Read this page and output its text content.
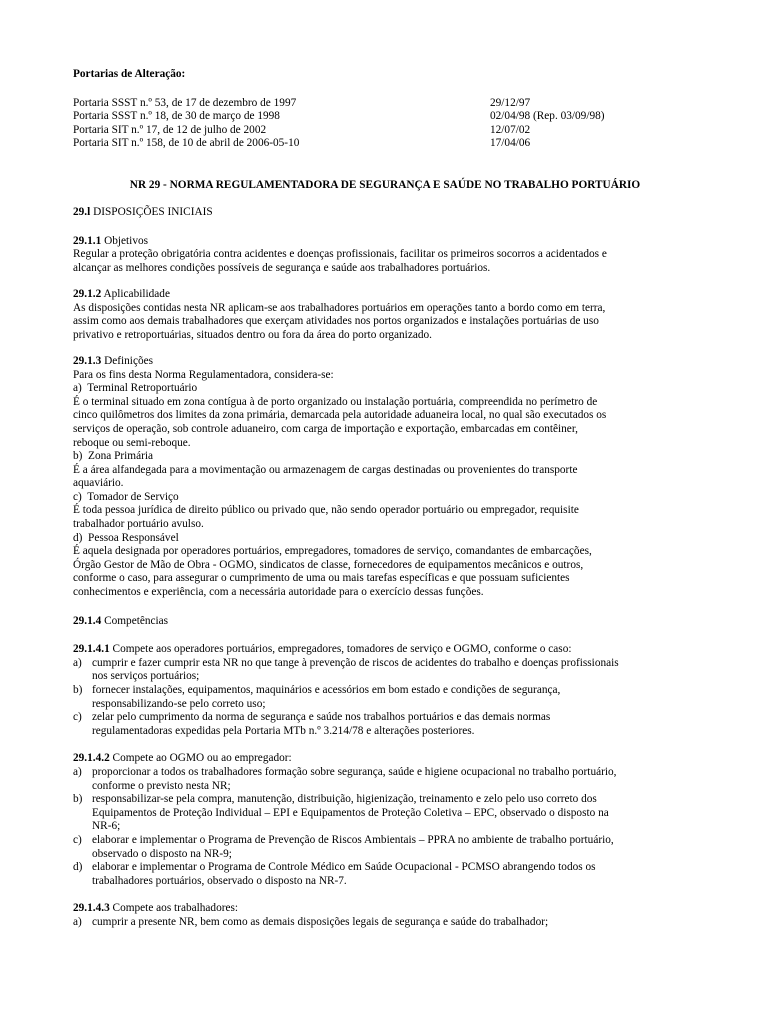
Portarias de Alteração:

Portaria SSST n.º 53, de 17 de dezembro de 1997	29/12/97
Portaria SSST n.º 18, de 30 de março de 1998	02/04/98 (Rep. 03/09/98)
Portaria SIT n.º 17, de 12 de julho de 2002	12/07/02
Portaria SIT n.º 158, de 10 de abril de 2006-05-10	17/04/06
NR 29 - NORMA REGULAMENTADORA DE SEGURANÇA E SAÚDE NO TRABALHO PORTUÁRIO
29.l DISPOSIÇÕES INICIAIS
29.1.1 Objetivos
Regular a proteção obrigatória contra acidentes e doenças profissionais, facilitar os primeiros socorros a acidentados e
alcançar as melhores condições possíveis de segurança e saúde aos trabalhadores portuários.
29.1.2 Aplicabilidade
As disposições contidas nesta NR aplicam-se aos trabalhadores portuários em operações tanto a bordo como em terra,
assim como aos demais trabalhadores que exerçam atividades nos portos organizados e instalações portuárias de uso
privativo e retroportuárias, situados dentro ou fora da área do porto organizado.
29.1.3 Definições
Para os fins desta Norma Regulamentadora, considera-se:
a)  Terminal Retroportuário
É o terminal situado em zona contígua à de porto organizado ou instalação portuária, compreendida no perímetro de
cinco quilômetros dos limites da zona primária, demarcada pela autoridade aduaneira local, no qual são executados os
serviços de operação, sob controle aduaneiro, com carga de importação e exportação, embarcadas em contêiner,
reboque ou semi-reboque.
b)  Zona Primária
É a área alfandegada para a movimentação ou armazenagem de cargas destinadas ou provenientes do transporte
aquaviário.
c)  Tomador de Serviço
É toda pessoa jurídica de direito público ou privado que, não sendo operador portuário ou empregador, requisite
trabalhador portuário avulso.
d)  Pessoa Responsável
É aquela designada por operadores portuários, empregadores, tomadores de serviço, comandantes de embarcações,
Órgão Gestor de Mão de Obra - OGMO, sindicatos de classe, fornecedores de equipamentos mecânicos e outros,
conforme o caso, para assegurar o cumprimento de uma ou mais tarefas específicas e que possuam suficientes
conhecimentos e experiência, com a necessária autoridade para o exercício dessas funções.
29.1.4 Competências
29.1.4.1 Compete aos operadores portuários, empregadores, tomadores de serviço e OGMO, conforme o caso:
a) cumprir e fazer cumprir esta NR no que tange à prevenção de riscos de acidentes do trabalho e doenças profissionais
nos serviços portuários;
b) fornecer instalações, equipamentos, maquinários e acessórios em bom estado e condições de segurança,
responsabilizando-se pelo correto uso;
c) zelar pelo cumprimento da norma de segurança e saúde nos trabalhos portuários e das demais normas
regulamentadoras expedidas pela Portaria MTb n.º 3.214/78 e alterações posteriores.
29.1.4.2 Compete ao OGMO ou ao empregador:
a) proporcionar a todos os trabalhadores formação sobre segurança, saúde e higiene ocupacional no trabalho portuário,
conforme o previsto nesta NR;
b) responsabilizar-se pela compra, manutenção, distribuição, higienização, treinamento e zelo pelo uso correto dos
Equipamentos de Proteção Individual – EPI e Equipamentos de Proteção Coletiva – EPC, observado o disposto na
NR-6;
c) elaborar e implementar o Programa de Prevenção de Riscos Ambientais – PPRA no ambiente de trabalho portuário,
observado o disposto na NR-9;
d) elaborar e implementar o Programa de Controle Médico em Saúde Ocupacional - PCMSO abrangendo todos os
trabalhadores portuários, observado o disposto na NR-7.
29.1.4.3 Compete aos trabalhadores:
a) cumprir a presente NR, bem como as demais disposições legais de segurança e saúde do trabalhador;
